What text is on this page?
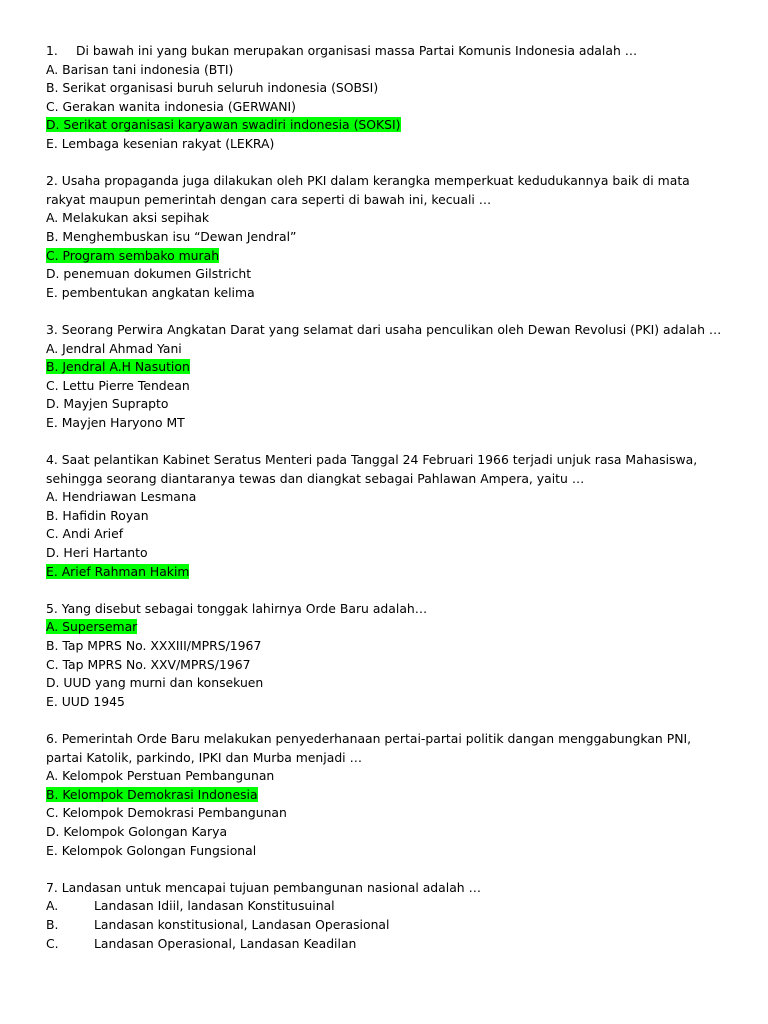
1. Di bawah ini yang bukan merupakan organisasi massa Partai Komunis Indonesia adalah …
A. Barisan tani indonesia (BTI)
B. Serikat organisasi buruh seluruh indonesia (SOBSI)
C. Gerakan wanita indonesia (GERWANI)
D. Serikat organisasi karyawan swadiri indonesia (SOKSI)
E. Lembaga kesenian rakyat (LEKRA)
2. Usaha propaganda juga dilakukan oleh PKI dalam kerangka memperkuat kedudukannya baik di mata
rakyat maupun pemerintah dengan cara seperti di bawah ini, kecuali …
A. Melakukan aksi sepihak
B. Menghembuskan isu “Dewan Jendral”
C. Program sembako murah
D. penemuan dokumen Gilstricht
E. pembentukan angkatan kelima
3. Seorang Perwira Angkatan Darat yang selamat dari usaha penculikan oleh Dewan Revolusi (PKI) adalah …
A. Jendral Ahmad Yani
B. Jendral A.H Nasution
C. Lettu Pierre Tendean
D. Mayjen Suprapto
E. Mayjen Haryono MT
4. Saat pelantikan Kabinet Seratus Menteri pada Tanggal 24 Februari 1966 terjadi unjuk rasa Mahasiswa,
sehingga seorang diantaranya tewas dan diangkat sebagai Pahlawan Ampera, yaitu …
A. Hendriawan Lesmana
B. Hafidin Royan
C. Andi Arief
D. Heri Hartanto
E. Arief Rahman Hakim
5. Yang disebut sebagai tonggak lahirnya Orde Baru adalah…
A. Supersemar
B. Tap MPRS No. XXXIII/MPRS/1967
C. Tap MPRS No. XXV/MPRS/1967
D. UUD yang murni dan konsekuen
E. UUD 1945
6. Pemerintah Orde Baru melakukan penyederhanaan pertai-partai politik dangan menggabungkan PNI,
partai Katolik, parkindo, IPKI dan Murba menjadi …
A. Kelompok Perstuan Pembangunan
B. Kelompok Demokrasi Indonesia
C. Kelompok Demokrasi Pembangunan
D. Kelompok Golongan Karya
E. Kelompok Golongan Fungsional
7. Landasan untuk mencapai tujuan pembangunan nasional adalah …
A.	Landasan Idiil, landasan Konstitusuinal
B.	Landasan konstitusional, Landasan Operasional
C.	Landasan Operasional, Landasan Keadilan
